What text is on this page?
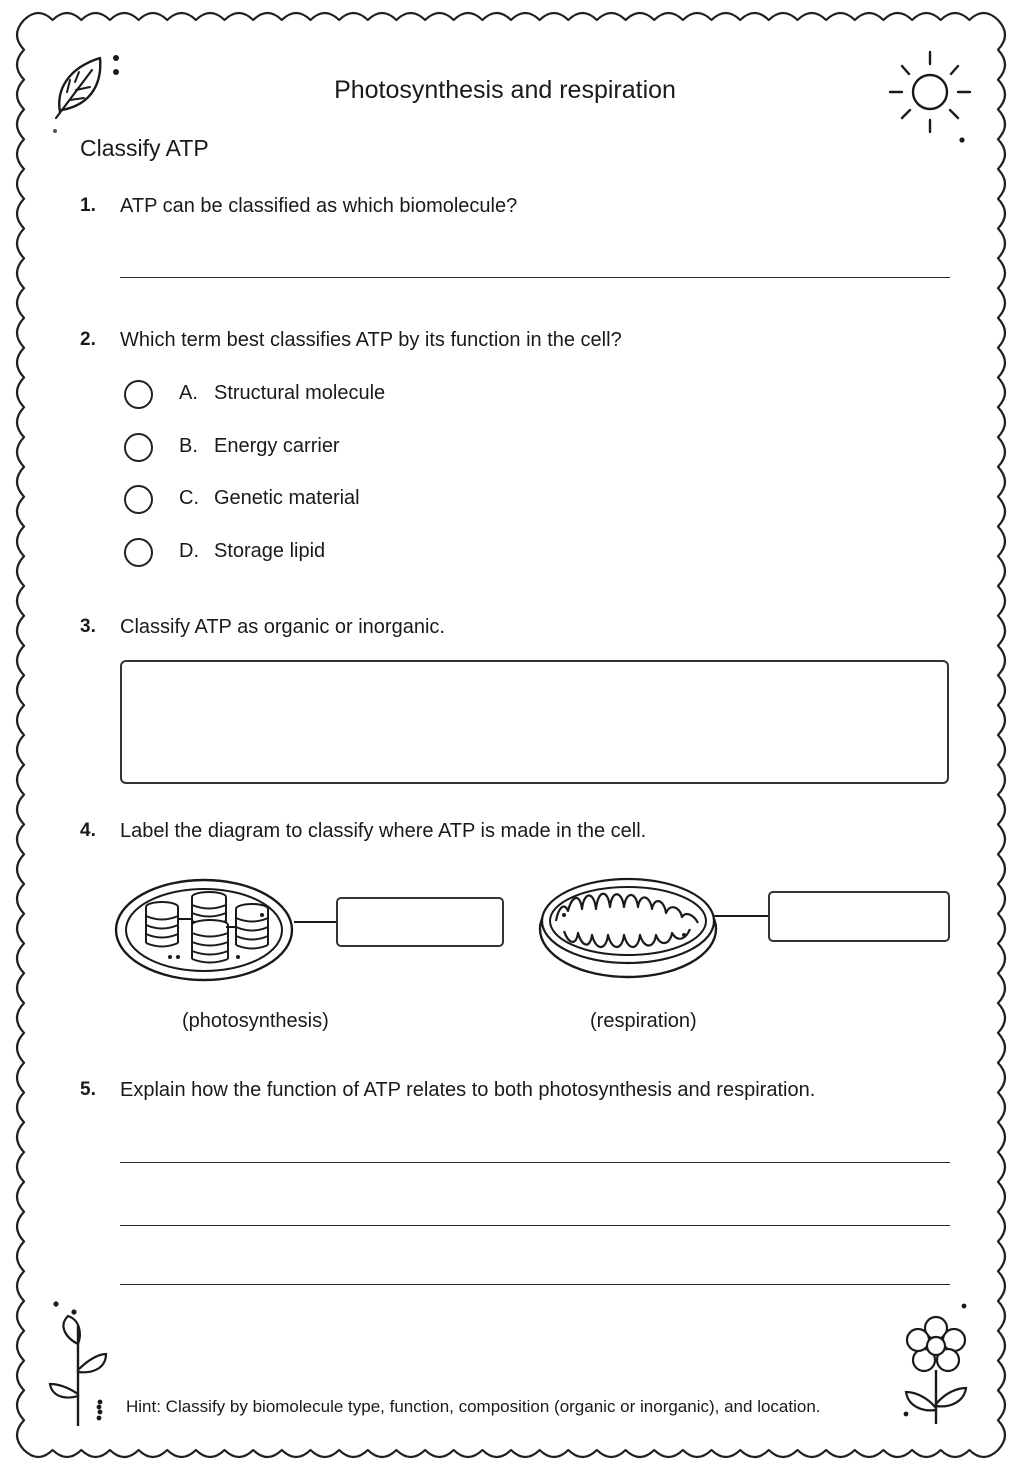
Photosynthesis and respiration
Classify ATP
1. ATP can be classified as which biomolecule?
2. Which term best classifies ATP by its function in the cell?
A. Structural molecule
B. Energy carrier
C. Genetic material
D. Storage lipid
3. Classify ATP as organic or inorganic.
4. Label the diagram to classify where ATP is made in the cell.
(photosynthesis)	(respiration)
5. Explain how the function of ATP relates to both photosynthesis and respiration.
Hint: Classify by biomolecule type, function, composition (organic or inorganic), and location.
